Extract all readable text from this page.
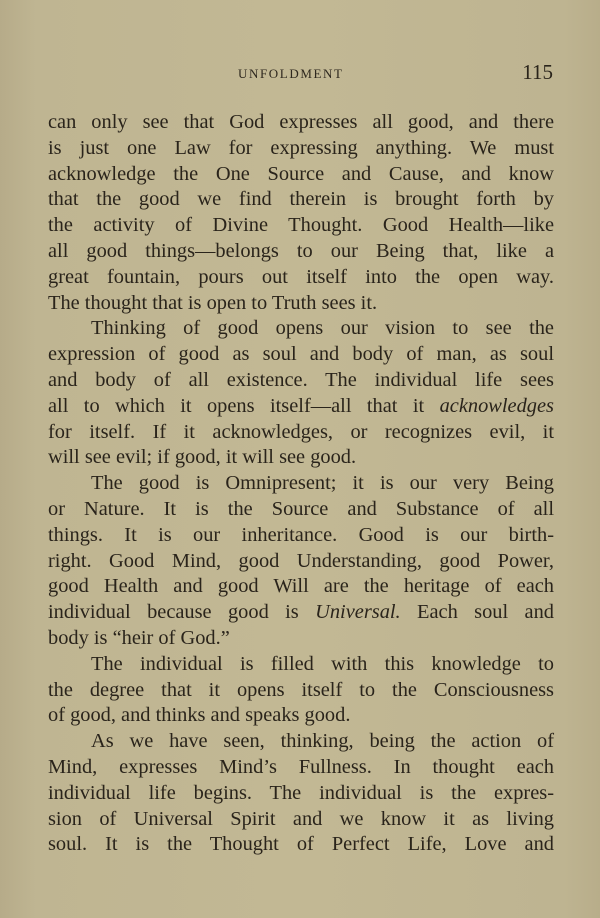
UNFOLDMENT	115
can only see that God expresses all good, and there
is just one Law for expressing anything. We must
acknowledge the One Source and Cause, and know
that the good we find therein is brought forth by
the activity of Divine Thought. Good Health—like
all good things—belongs to our Being that, like a
great fountain, pours out itself into the open way.
The thought that is open to Truth sees it.
Thinking of good opens our vision to see the
expression of good as soul and body of man, as soul
and body of all existence. The individual life sees
all to which it opens itself—all that it acknowledges
for itself. If it acknowledges, or recognizes evil, it
will see evil; if good, it will see good.
The good is Omnipresent; it is our very Being
or Nature. It is the Source and Substance of all
things. It is our inheritance. Good is our birth-
right. Good Mind, good Understanding, good Power,
good Health and good Will are the heritage of each
individual because good is Universal. Each soul and
body is “heir of God.”
The individual is filled with this knowledge to
the degree that it opens itself to the Consciousness
of good, and thinks and speaks good.
As we have seen, thinking, being the action of
Mind, expresses Mind’s Fullness. In thought each
individual life begins. The individual is the expres-
sion of Universal Spirit and we know it as living
soul. It is the Thought of Perfect Life, Love and
